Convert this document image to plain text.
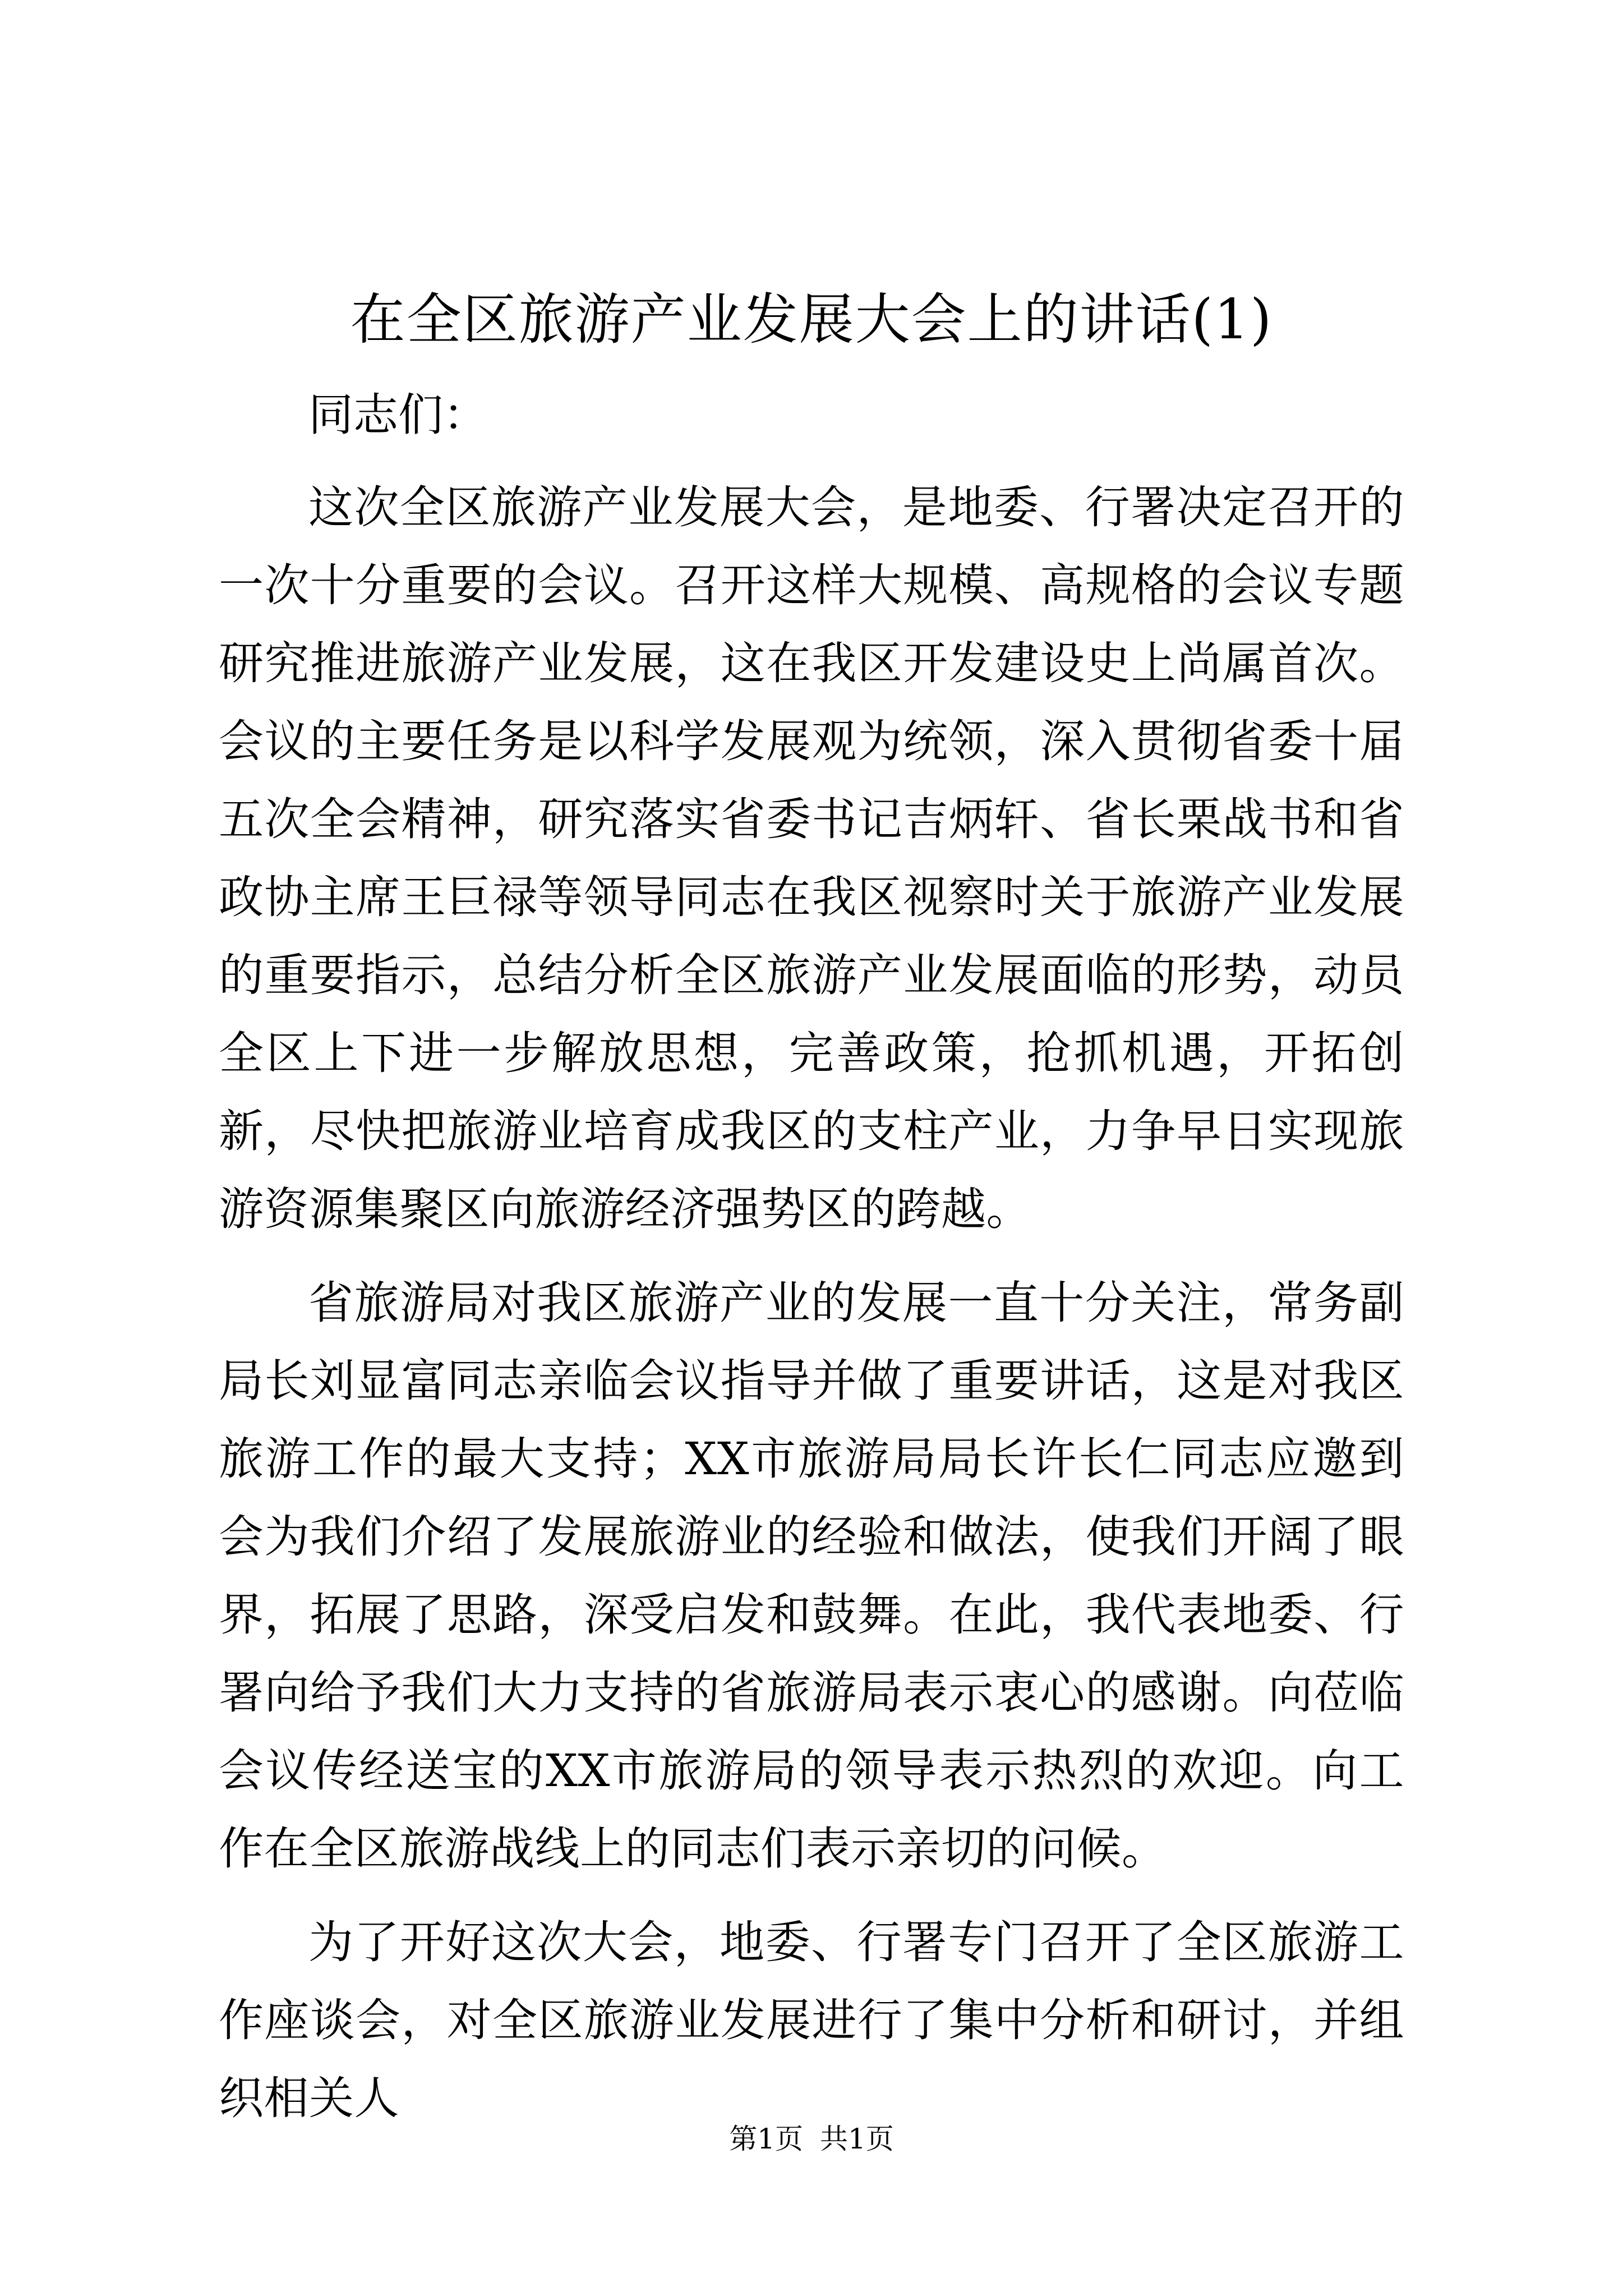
在全区旅游产业发展大会上的讲话(1)

同志们：

这次全区旅游产业发展大会，是地委、行署决定召开的一次十分重要的会议。召开这样大规模、高规格的会议专题研究推进旅游产业发展，这在我区开发建设史上尚属首次。会议的主要任务是以科学发展观为统领，深入贯彻省委十届五次全会精神，研究落实省委书记吉炳轩、省长栗战书和省政协主席王巨禄等领导同志在我区视察时关于旅游产业发展的重要指示，总结分析全区旅游产业发展面临的形势，动员全区上下进一步解放思想，完善政策，抢抓机遇，开拓创新，尽快把旅游业培育成我区的支柱产业，力争早日实现旅游资源集聚区向旅游经济强势区的跨越。

省旅游局对我区旅游产业的发展一直十分关注，常务副局长刘显富同志亲临会议指导并做了重要讲话，这是对我区旅游工作的最大支持；XX市旅游局局长许长仁同志应邀到会为我们介绍了发展旅游业的经验和做法，使我们开阔了眼界，拓展了思路，深受启发和鼓舞。在此，我代表地委、行署向给予我们大力支持的省旅游局表示衷心的感谢。向莅临会议传经送宝的XX市旅游局的领导表示热烈的欢迎。向工作在全区旅游战线上的同志们表示亲切的问候。

为了开好这次大会，地委、行署专门召开了全区旅游工作座谈会，对全区旅游业发展进行了集中分析和研讨，并组织相关人

第1页 共1页
